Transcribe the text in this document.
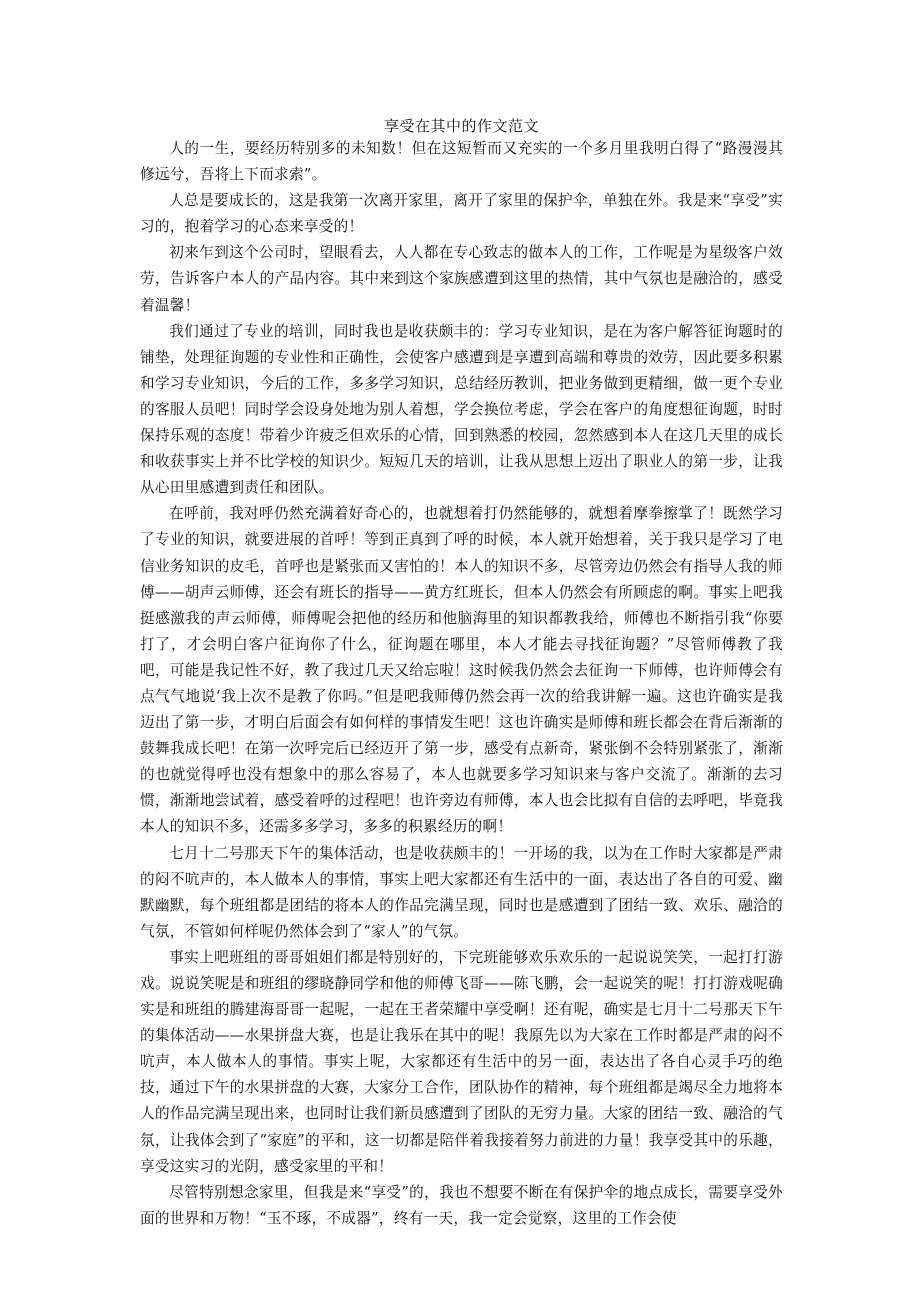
享受在其中的作文范文

人的一生，要经历特别多的未知数！但在这短暂而又充实的一个多月里我明白得了“路漫漫其修远兮，吾将上下而求索”。

人总是要成长的，这是我第一次离开家里，离开了家里的保护伞，单独在外。我是来“享受”实习的，抱着学习的心态来享受的！

初来乍到这个公司时，望眼看去，人人都在专心致志的做本人的工作，工作呢是为星级客户效劳，告诉客户本人的产品内容。其中来到这个家族感遭到这里的热情，其中气氛也是融洽的，感受着温馨！

我们通过了专业的培训，同时我也是收获颇丰的：学习专业知识，是在为客户解答征询题时的铺垫，处理征询题的专业性和正确性，会使客户感遭到是享遭到高端和尊贵的效劳，因此要多积累和学习专业知识，今后的工作，多多学习知识，总结经历教训，把业务做到更精细，做一更个专业的客服人员吧！同时学会设身处地为别人着想，学会换位考虑，学会在客户的角度想征询题，时时保持乐观的态度！带着少许疲乏但欢乐的心情，回到熟悉的校园，忽然感到本人在这几天里的成长和收获事实上并不比学校的知识少。短短几天的培训，让我从思想上迈出了职业人的第一步，让我从心田里感遭到责任和团队。

在呼前，我对呼仍然充满着好奇心的，也就想着打仍然能够的，就想着摩拳擦掌了！既然学习了专业的知识，就要进展的首呼！等到正真到了呼的时候，本人就开始想着，关于我只是学习了电信业务知识的皮毛，首呼也是紧张而又害怕的！本人的知识不多，尽管旁边仍然会有指导人我的师傅——胡声云师傅，还会有班长的指导——黄方红班长，但本人仍然会有所顾虑的啊。事实上吧我挺感激我的声云师傅，师傅呢会把他的经历和他脑海里的知识都教我给，师傅也不断指引我“你要打了，才会明白客户征询你了什么，征询题在哪里，本人才能去寻找征询题？”尽管师傅教了我吧，可能是我记性不好，教了我过几天又给忘啦！这时候我仍然会去征询一下师傅，也许师傅会有点气气地说‘我上次不是教了你吗。”但是吧我师傅仍然会再一次的给我讲解一遍。这也许确实是我迈出了第一步，才明白后面会有如何样的事情发生吧！这也许确实是师傅和班长都会在背后渐渐的鼓舞我成长吧！在第一次呼完后已经迈开了第一步，感受有点新奇，紧张倒不会特别紧张了，渐渐的也就觉得呼也没有想象中的那么容易了，本人也就要多学习知识来与客户交流了。渐渐的去习惯，渐渐地尝试着，感受着呼的过程吧！也许旁边有师傅，本人也会比拟有自信的去呼吧，毕竟我本人的知识不多，还需多多学习，多多的积累经历的啊！

七月十二号那天下午的集体活动，也是收获颇丰的！一开场的我，以为在工作时大家都是严肃的闷不吭声的，本人做本人的事情，事实上吧大家都还有生活中的一面，表达出了各自的可爱、幽默幽默，每个班组都是团结的将本人的作品完满呈现，同时也是感遭到了团结一致、欢乐、融洽的气氛，不管如何样呢仍然体会到了“家人”的气氛。

事实上吧班组的哥哥姐姐们都是特别好的，下完班能够欢乐欢乐的一起说说笑笑，一起打打游戏。说说笑呢是和班组的缪晓静同学和他的师傅飞哥——陈飞鹏，会一起说笑的呢！打打游戏呢确实是和班组的腾建海哥哥一起呢，一起在王者荣耀中享受啊！还有呢，确实是七月十二号那天下午的集体活动——水果拼盘大赛，也是让我乐在其中的呢！我原先以为大家在工作时都是严肃的闷不吭声，本人做本人的事情。事实上呢，大家都还有生活中的另一面，表达出了各自心灵手巧的绝技，通过下午的水果拼盘的大赛，大家分工合作，团队协作的精神，每个班组都是竭尽全力地将本人的作品完满呈现出来，也同时让我们新员感遭到了团队的无穷力量。大家的团结一致、融洽的气氛，让我体会到了“家庭”的平和，这一切都是陪伴着我接着努力前进的力量！我享受其中的乐趣，享受这实习的光阴，感受家里的平和！

尽管特别想念家里，但我是来“享受”的，我也不想要不断在有保护伞的地点成长，需要享受外面的世界和万物！“玉不琢，不成器”，终有一天，我一定会觉察，这里的工作会使
